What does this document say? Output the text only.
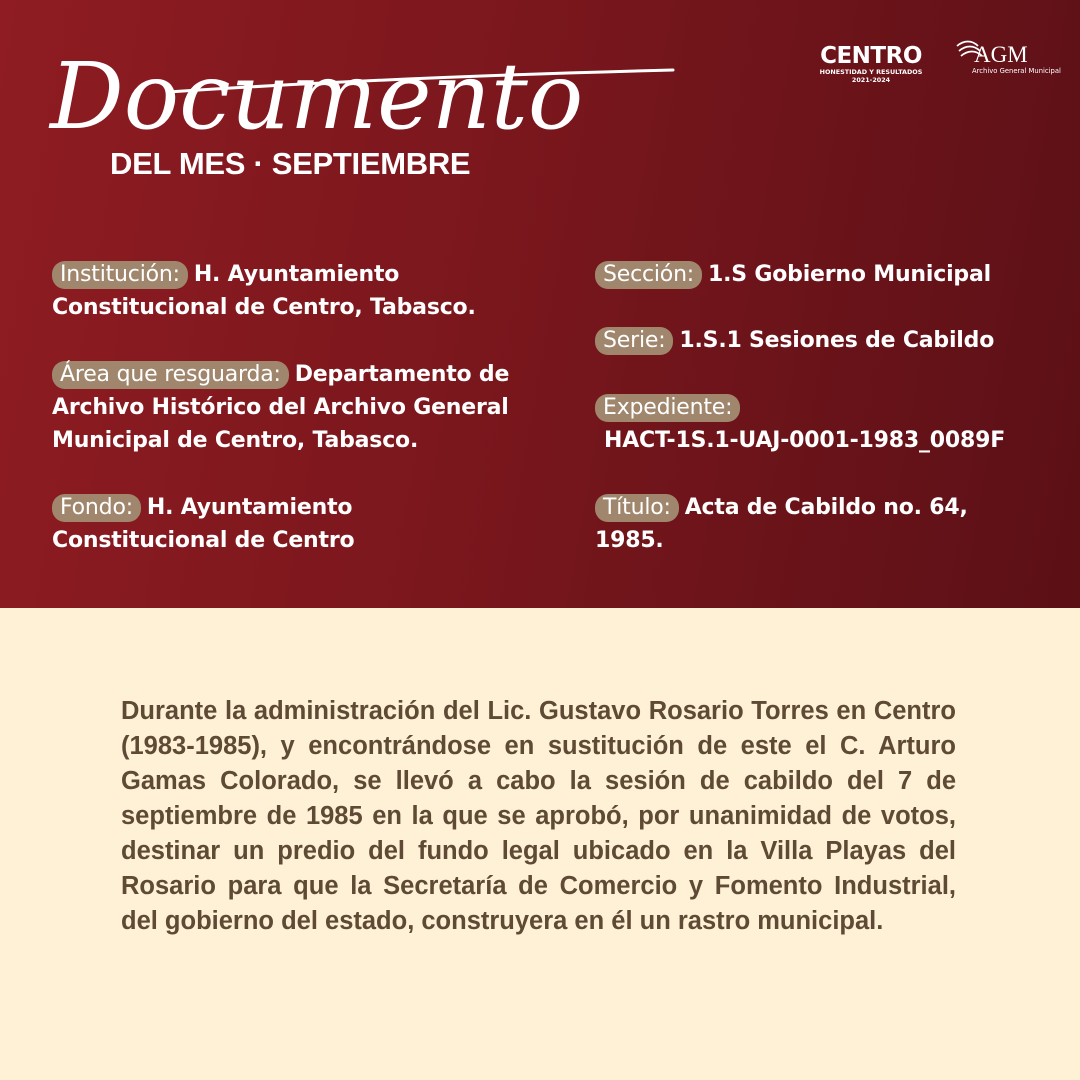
Documento
DEL MES · SEPTIEMBRE
CENTRO
HONESTIDAD Y RESULTADOS
2021-2024
AGM
Archivo General Municipal
Institución: H. Ayuntamiento
Constitucional de Centro, Tabasco.
Área que resguarda: Departamento de
Archivo Histórico del Archivo General
Municipal de Centro, Tabasco.
Fondo: H. Ayuntamiento
Constitucional de Centro
Sección: 1.S Gobierno Municipal
Serie: 1.S.1 Sesiones de Cabildo
Expediente:
HACT-1S.1-UAJ-0001-1983_0089F
Título: Acta de Cabildo no. 64,
1985.
Durante la administración del Lic. Gustavo Rosario Torres en Centro (1983-1985), y encontrándose en sustitución de este el C. Arturo Gamas Colorado, se llevó a cabo la sesión de cabildo del 7 de septiembre de 1985 en la que se aprobó, por unanimidad de votos, destinar un predio del fundo legal ubicado en la Villa Playas del Rosario para que la Secretaría de Comercio y Fomento Industrial, del gobierno del estado, construyera en él un rastro municipal.
